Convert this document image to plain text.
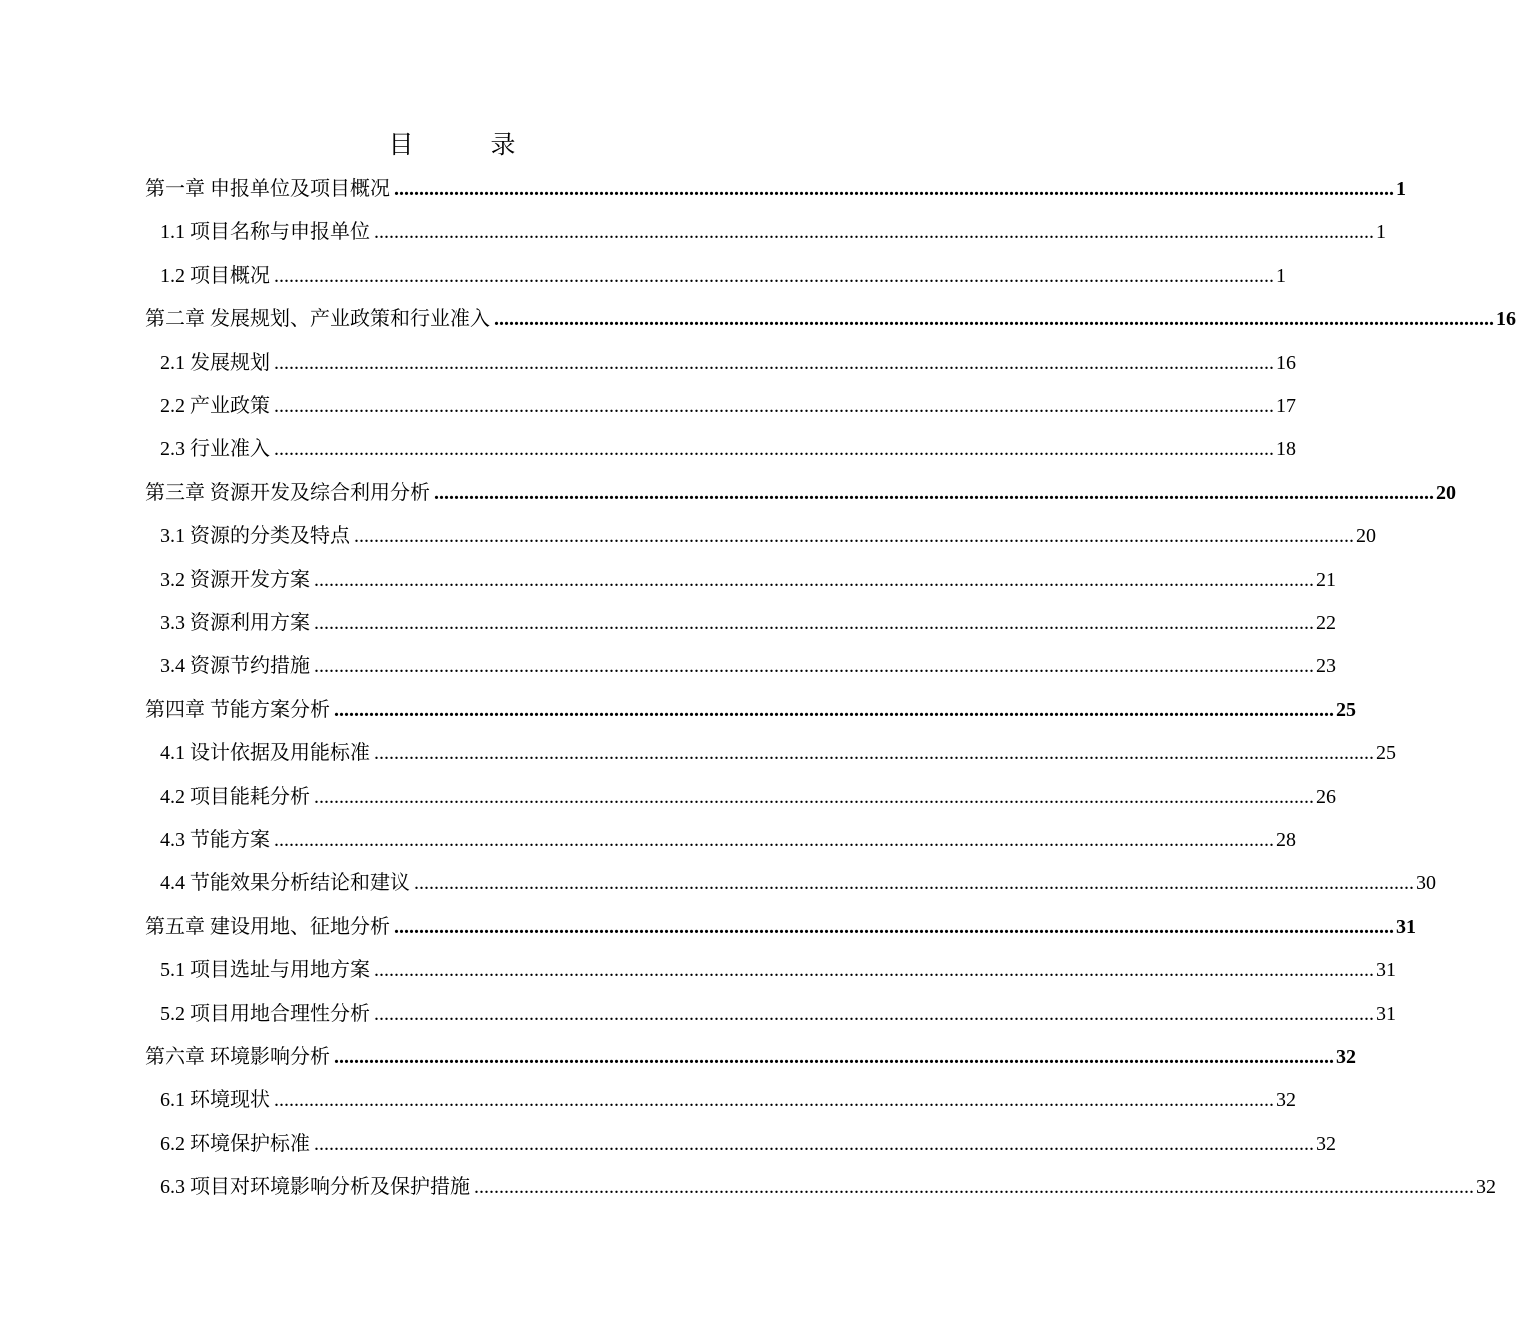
目　录
第一章 申报单位及项目概况 ........................................................................................................................................................................................................ 1
1.1 项目名称与申报单位 ........................................................................................................................................................................................................ 1
1.2 项目概况 ........................................................................................................................................................................................................ 1
第二章 发展规划、产业政策和行业准入 ........................................................................................................................................................................................................ 16
2.1 发展规划 ........................................................................................................................................................................................................ 16
2.2 产业政策 ........................................................................................................................................................................................................ 17
2.3 行业准入 ........................................................................................................................................................................................................ 18
第三章 资源开发及综合利用分析 ........................................................................................................................................................................................................ 20
3.1 资源的分类及特点 ........................................................................................................................................................................................................ 20
3.2 资源开发方案 ........................................................................................................................................................................................................ 21
3.3 资源利用方案 ........................................................................................................................................................................................................ 22
3.4 资源节约措施 ........................................................................................................................................................................................................ 23
第四章 节能方案分析 ........................................................................................................................................................................................................ 25
4.1 设计依据及用能标准 ........................................................................................................................................................................................................ 25
4.2 项目能耗分析 ........................................................................................................................................................................................................ 26
4.3 节能方案 ........................................................................................................................................................................................................ 28
4.4 节能效果分析结论和建议 ........................................................................................................................................................................................................ 30
第五章 建设用地、征地分析 ........................................................................................................................................................................................................ 31
5.1 项目选址与用地方案 ........................................................................................................................................................................................................ 31
5.2 项目用地合理性分析 ........................................................................................................................................................................................................ 31
第六章 环境影响分析 ........................................................................................................................................................................................................ 32
6.1 环境现状 ........................................................................................................................................................................................................ 32
6.2 环境保护标准 ........................................................................................................................................................................................................ 32
6.3 项目对环境影响分析及保护措施 ........................................................................................................................................................................................................ 32
